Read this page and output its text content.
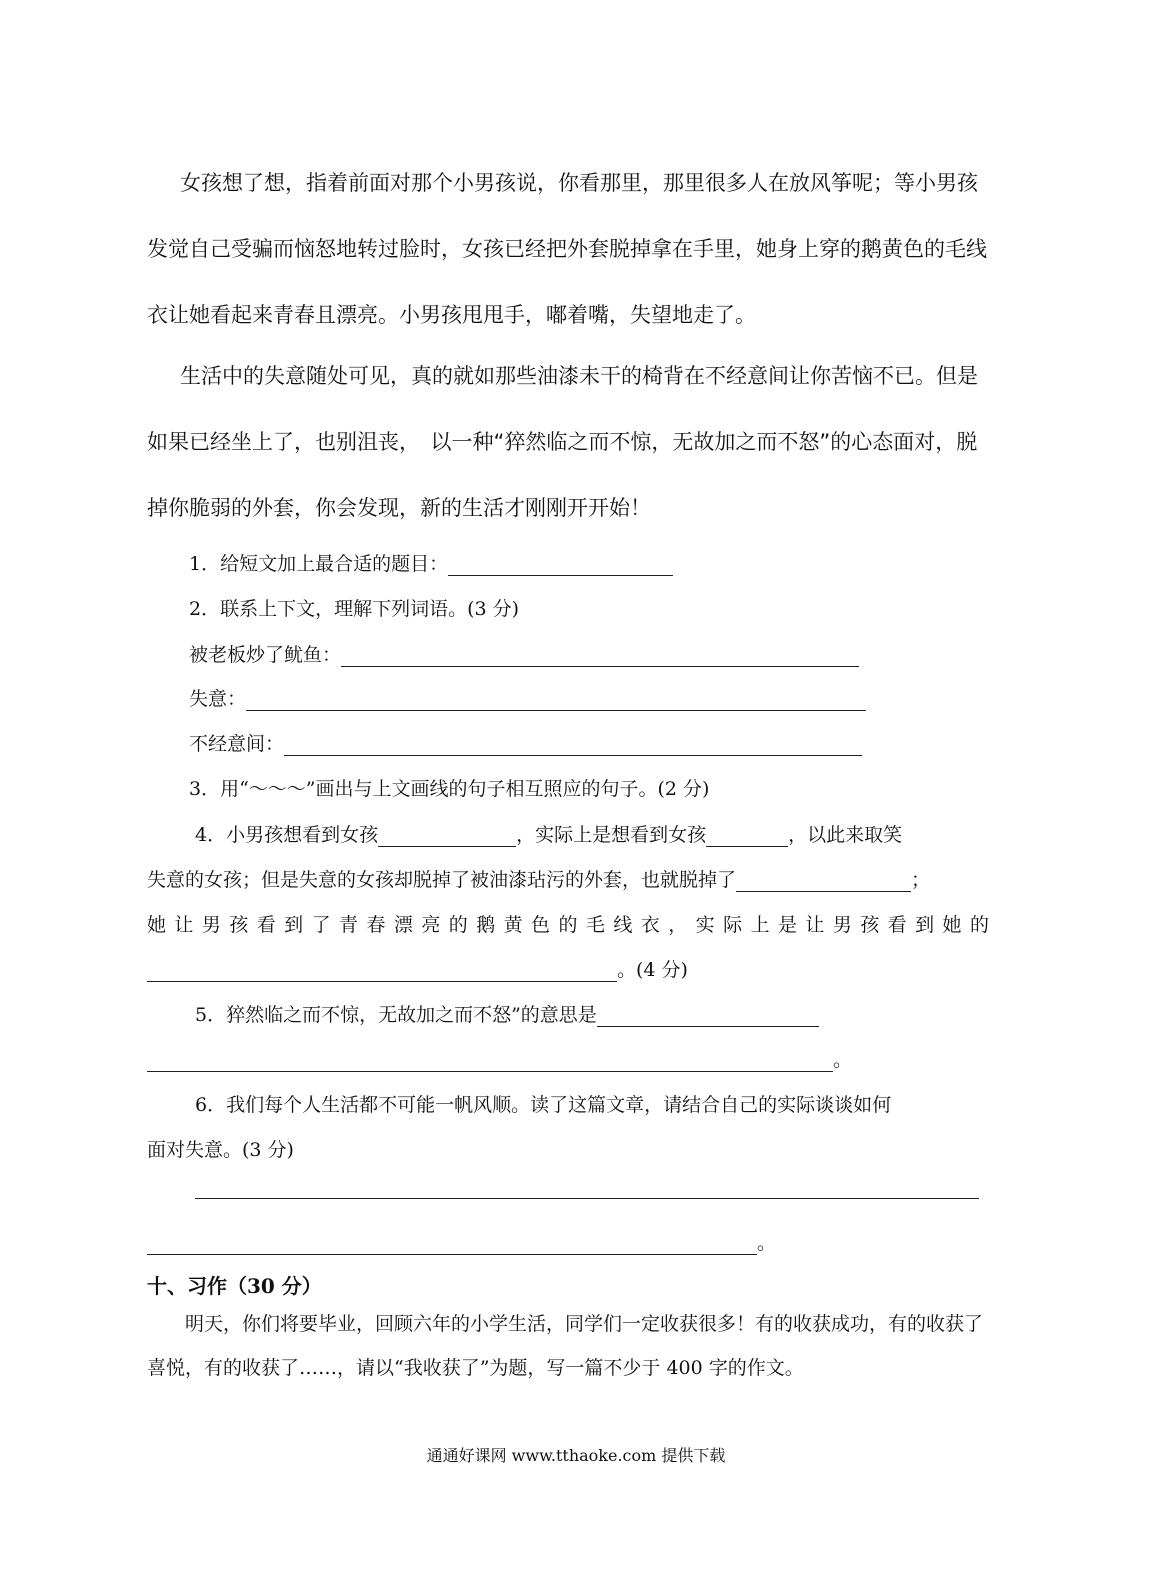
女孩想了想，指着前面对那个小男孩说，你看那里，那里很多人在放风筝呢；等小男孩发觉自己受骗而恼怒地转过脸时，女孩已经把外套脱掉拿在手里，她身上穿的鹅黄色的毛线衣让她看起来青春且漂亮。小男孩甩甩手，嘟着嘴，失望地走了。

生活中的失意随处可见，真的就如那些油漆未干的椅背在不经意间让你苦恼不已。但是如果已经坐上了，也别沮丧，　以一种“猝然临之而不惊，无故加之而不怒”的心态面对，脱掉你脆弱的外套，你会发现，新的生活才刚刚开开始！

1．给短文加上最合适的题目：
2．联系上下文，理解下列词语。(3 分)
被老板炒了鱿鱼：
失意：
不经意间：
3．用“～～～”画出与上文画线的句子相互照应的句子。(2 分)
4．小男孩想看到女孩	，实际上是想看到女孩	，以此来取笑
失意的女孩；但是失意的女孩却脱掉了被油漆玷污的外套，也就脱掉了	；
她让男孩看到了青春漂亮的鹅黄色的毛线衣，实际上是让男孩看到她的
。(4 分)
5．猝然临之而不惊，无故加之而不怒”的意思是
。
6．我们每个人生活都不可能一帆风顺。读了这篇文章，请结合自己的实际谈谈如何
面对失意。(3 分)
。
十、习作（30 分）

明天，你们将要毕业，回顾六年的小学生活，同学们一定收获很多！有的收获成功，有的收获了喜悦，有的收获了……，请以“我收获了”为题，写一篇不少于 400 字的作文。

通通好课网 www.tthaoke.com 提供下载
